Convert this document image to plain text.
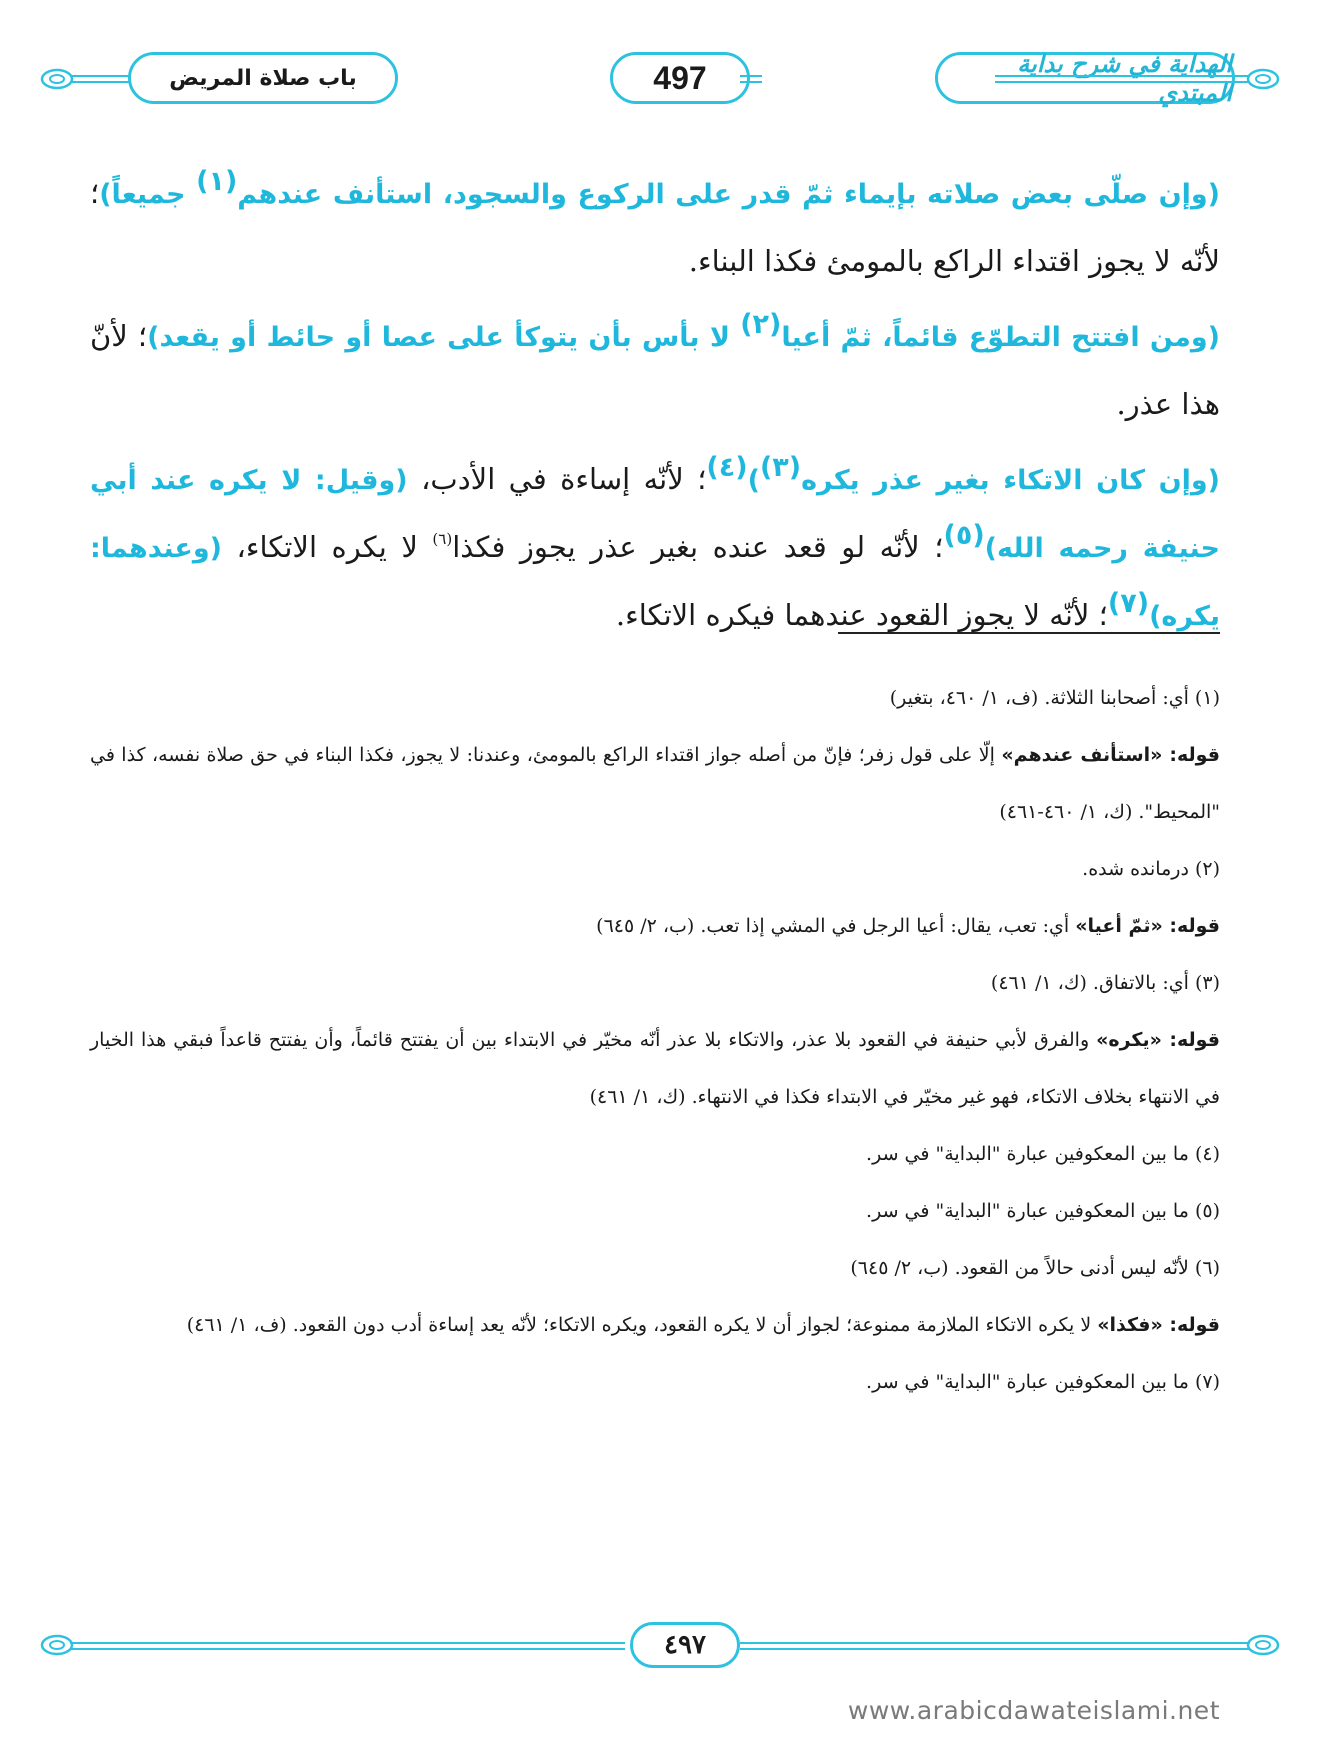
باب صلاة المريض	497	الهداية في شرح بداية المبتدي

(وإن صلّى بعض صلاته بإيماء ثمّ قدر على الركوع والسجود، استأنف عندهم$^{(١)}$ جميعاً)؛ لأنّه لا يجوز اقتداء الراكع بالمومئ فكذا البناء.

(ومن افتتح التطوّع قائماً، ثمّ أعيا$^{(٢)}$ لا بأس بأن يتوكأ على عصا أو حائط أو يقعد)؛ لأنّ هذا عذر.

(وإن كان الاتكاء بغير عذر يكره$^{(٣)}$)$^{(٤)}$؛ لأنّه إساءة في الأدب، (وقيل: لا يكره عند أبي حنيفة رحمه الله)$^{(٥)}$؛ لأنّه لو قعد عنده بغير عذر يجوز فكذا$^{(٦)}$ لا يكره الاتكاء، (وعندهما: يكره)$^{(٧)}$؛ لأنّه لا يجوز القعود عندهما فيكره الاتكاء.

(١) أي: أصحابنا الثلاثة. (ف، ١/ ٤٦٠، بتغير)

قوله: «استأنف عندهم» إلّا على قول زفر؛ فإنّ من أصله جواز اقتداء الراكع بالمومئ، وعندنا: لا يجوز، فكذا البناء في حق صلاة نفسه، كذا في "المحيط". (ك، ١/ ٤٦٠-٤٦١)

(٢) درمانده شده.

قوله: «ثمّ أعيا» أي: تعب، يقال: أعيا الرجل في المشي إذا تعب. (ب، ٢/ ٦٤٥)

(٣) أي: بالاتفاق. (ك، ١/ ٤٦١)

قوله: «يكره» والفرق لأبي حنيفة في القعود بلا عذر، والاتكاء بلا عذر أنّه مخيّر في الابتداء بين أن يفتتح قائماً، وأن يفتتح قاعداً فبقي هذا الخيار في الانتهاء بخلاف الاتكاء، فهو غير مخيّر في الابتداء فكذا في الانتهاء. (ك، ١/ ٤٦١)

(٤) ما بين المعكوفين عبارة "البداية" في سر.

(٥) ما بين المعكوفين عبارة "البداية" في سر.

(٦) لأنّه ليس أدنى حالاً من القعود. (ب، ٢/ ٦٤٥)

قوله: «فكذا» لا يكره الاتكاء الملازمة ممنوعة؛ لجواز أن لا يكره القعود، ويكره الاتكاء؛ لأنّه يعد إساءة أدب دون القعود. (ف، ١/ ٤٦١)

(٧) ما بين المعكوفين عبارة "البداية" في سر.

٤٩٧
www.arabicdawateislami.net
